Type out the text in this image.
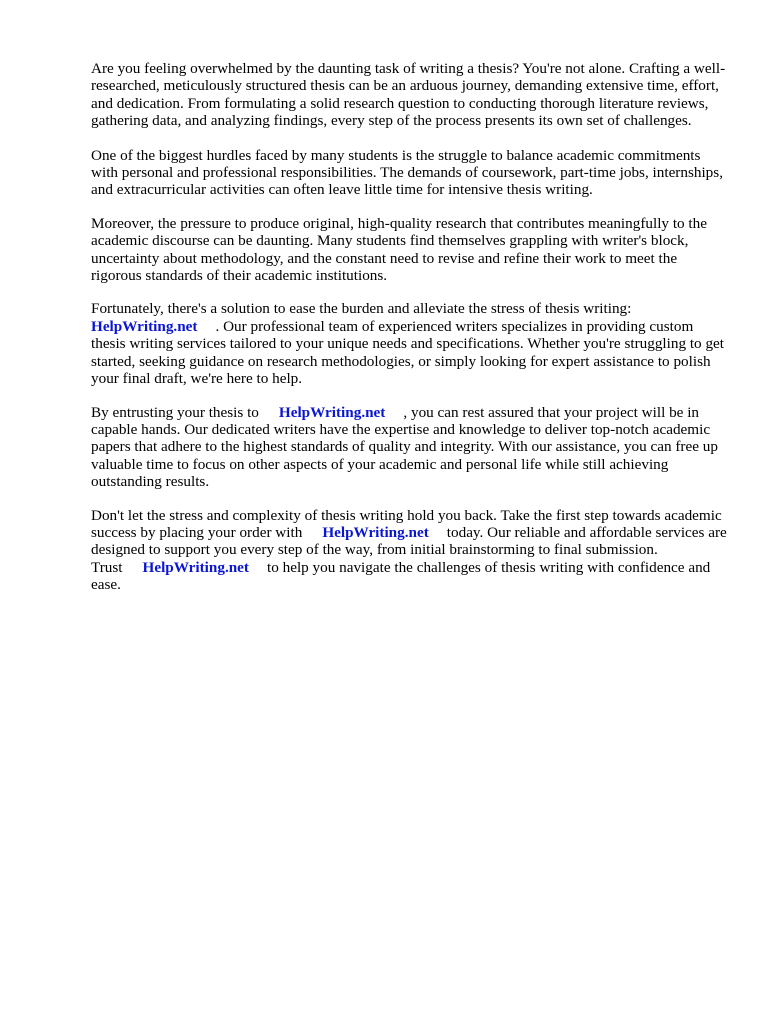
Are you feeling overwhelmed by the daunting task of writing a thesis? You're not alone. Crafting a well-researched, meticulously structured thesis can be an arduous journey, demanding extensive time, effort, and dedication. From formulating a solid research question to conducting thorough literature reviews, gathering data, and analyzing findings, every step of the process presents its own set of challenges.

One of the biggest hurdles faced by many students is the struggle to balance academic commitments with personal and professional responsibilities. The demands of coursework, part-time jobs, internships, and extracurricular activities can often leave little time for intensive thesis writing.

Moreover, the pressure to produce original, high-quality research that contributes meaningfully to the academic discourse can be daunting. Many students find themselves grappling with writer's block, uncertainty about methodology, and the constant need to revise and refine their work to meet the rigorous standards of their academic institutions.

Fortunately, there's a solution to ease the burden and alleviate the stress of thesis writing: HelpWriting.net . Our professional team of experienced writers specializes in providing custom thesis writing services tailored to your unique needs and specifications. Whether you're struggling to get started, seeking guidance on research methodologies, or simply looking for expert assistance to polish your final draft, we're here to help.

By entrusting your thesis to HelpWriting.net , you can rest assured that your project will be in capable hands. Our dedicated writers have the expertise and knowledge to deliver top-notch academic papers that adhere to the highest standards of quality and integrity. With our assistance, you can free up valuable time to focus on other aspects of your academic and personal life while still achieving outstanding results.

Don't let the stress and complexity of thesis writing hold you back. Take the first step towards academic success by placing your order with HelpWriting.net today. Our reliable and affordable services are designed to support you every step of the way, from initial brainstorming to final submission. Trust HelpWriting.net to help you navigate the challenges of thesis writing with confidence and ease.
